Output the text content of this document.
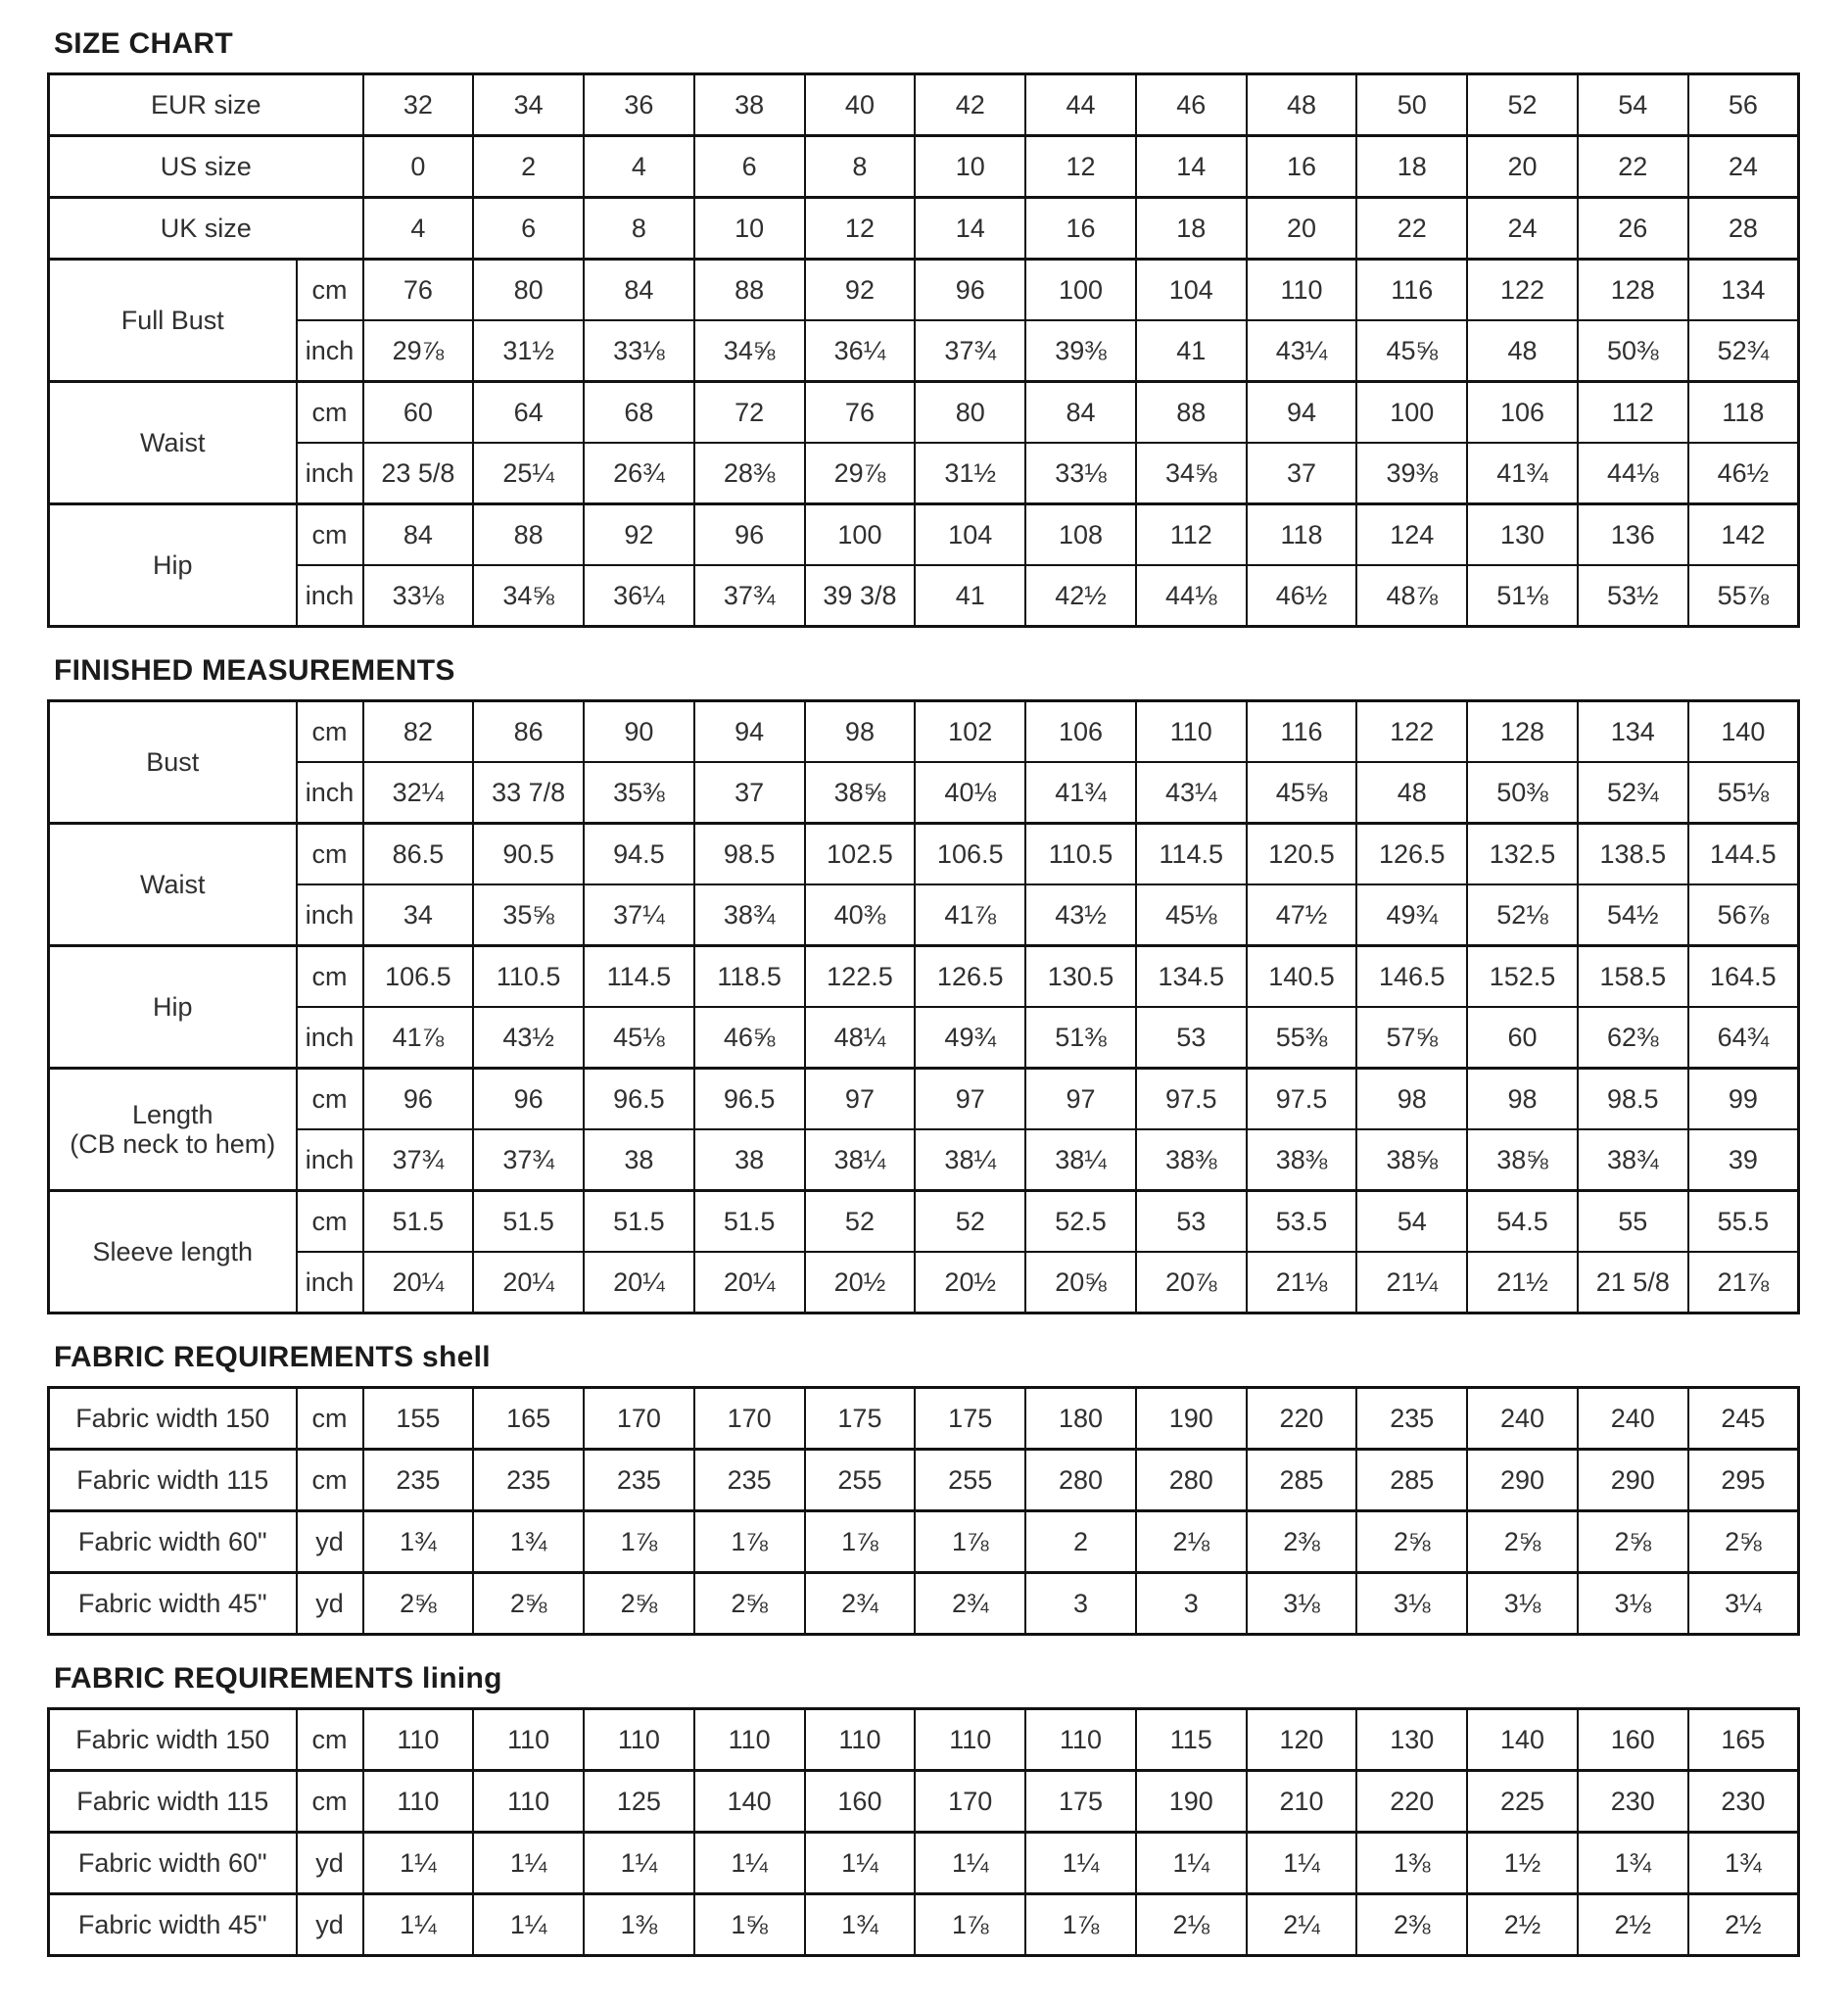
SIZE CHART
EUR size		32	34	36	38	40	42	44	46	48	50	52	54	56
US size		0	2	4	6	8	10	12	14	16	18	20	22	24
UK size		4	6	8	10	12	14	16	18	20	22	24	26	28

Full Bust	cm	76	80	84	88	92	96	100	104	110	116	122	128	134
	inch	29⅞	31½	33⅛	34⅝	36¼	37¾	39⅜	41	43¼	45⅝	48	50⅜	52¾

Waist	cm	60	64	68	72	76	80	84	88	94	100	106	112	118
	inch	23 5/8	25¼	26¾	28⅜	29⅞	31½	33⅛	34⅝	37	39⅜	41¾	44⅛	46½

Hip	cm	84	88	92	96	100	104	108	112	118	124	130	136	142
	inch	33⅛	34⅝	36¼	37¾	39 3/8	41	42½	44⅛	46½	48⅞	51⅛	53½	55⅞
FINISHED MEASUREMENTS
Bust	cm	82	86	90	94	98	102	106	110	116	122	128	134	140
	inch	32¼	33 7/8	35⅜	37	38⅝	40⅛	41¾	43¼	45⅝	48	50⅜	52¾	55⅛

Waist	cm	86.5	90.5	94.5	98.5	102.5	106.5	110.5	114.5	120.5	126.5	132.5	138.5	144.5
	inch	34	35⅝	37¼	38¾	40⅜	41⅞	43½	45⅛	47½	49¾	52⅛	54½	56⅞

Hip	cm	106.5	110.5	114.5	118.5	122.5	126.5	130.5	134.5	140.5	146.5	152.5	158.5	164.5
	inch	41⅞	43½	45⅛	46⅝	48¼	49¾	51⅜	53	55⅜	57⅝	60	62⅜	64¾

Length
(CB neck to hem)	cm	96	96	96.5	96.5	97	97	97	97.5	97.5	98	98	98.5	99
	inch	37¾	37¾	38	38	38¼	38¼	38¼	38⅜	38⅜	38⅝	38⅝	38¾	39

Sleeve length	cm	51.5	51.5	51.5	51.5	52	52	52.5	53	53.5	54	54.5	55	55.5
	inch	20¼	20¼	20¼	20¼	20½	20½	20⅝	20⅞	21⅛	21¼	21½	21 5/8	21⅞
FABRIC REQUIREMENTS shell
Fabric width 150	cm	155	165	170	170	175	175	180	190	220	235	240	240	245
Fabric width 115	cm	235	235	235	235	255	255	280	280	285	285	290	290	295
Fabric width 60"	yd	1¾	1¾	1⅞	1⅞	1⅞	1⅞	2	2⅛	2⅜	2⅝	2⅝	2⅝	2⅝
Fabric width 45"	yd	2⅝	2⅝	2⅝	2⅝	2¾	2¾	3	3	3⅛	3⅛	3⅛	3⅛	3¼
FABRIC REQUIREMENTS lining
Fabric width 150	cm	110	110	110	110	110	110	110	115	120	130	140	160	165
Fabric width 115	cm	110	110	125	140	160	170	175	190	210	220	225	230	230
Fabric width 60"	yd	1¼	1¼	1¼	1¼	1¼	1¼	1¼	1¼	1¼	1⅜	1½	1¾	1¾
Fabric width 45"	yd	1¼	1¼	1⅜	1⅝	1¾	1⅞	1⅞	2⅛	2¼	2⅜	2½	2½	2½
